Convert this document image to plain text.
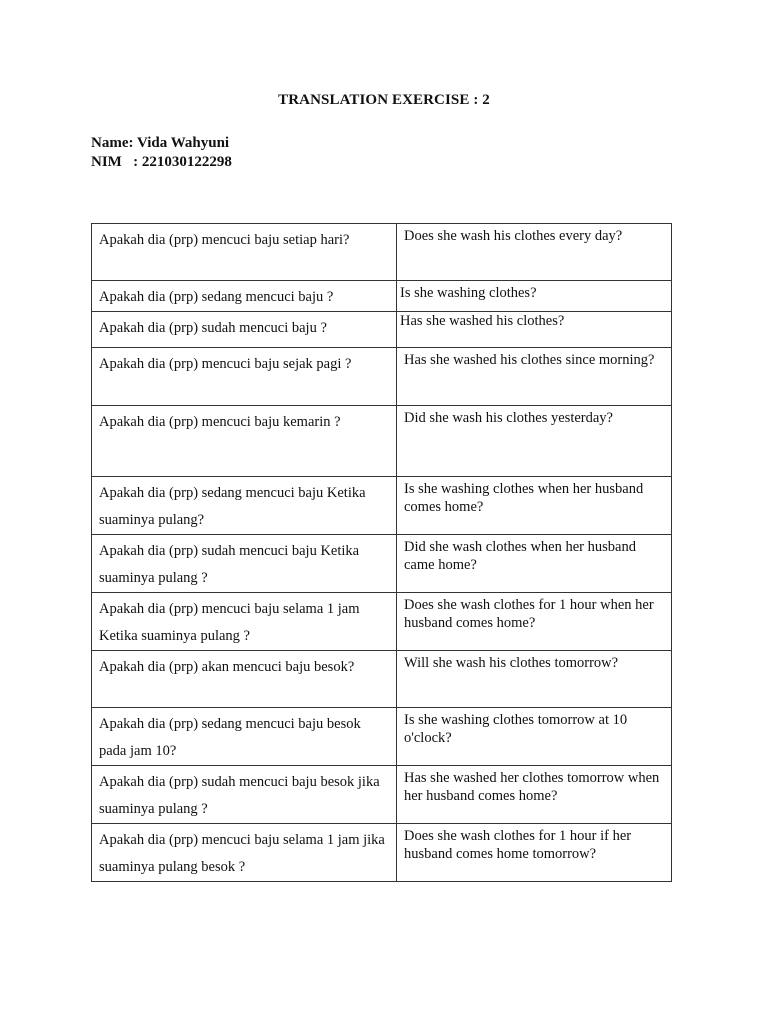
TRANSLATION EXERCISE : 2
Name: Vida Wahyuni
NIM   : 221030122298
Apakah dia (prp) mencuci baju setiap hari?	Does she wash his clothes every day?
Apakah dia (prp) sedang mencuci baju ?	Is she washing clothes?
Apakah dia (prp) sudah mencuci baju ?	Has she washed his clothes?
Apakah dia (prp) mencuci baju sejak pagi ?	Has she washed his clothes since morning?
Apakah dia (prp) mencuci baju kemarin ?	Did she wash his clothes yesterday?
Apakah dia (prp) sedang mencuci baju Ketika suaminya pulang?	Is she washing clothes when her husband comes home?
Apakah dia (prp) sudah mencuci baju Ketika suaminya pulang ?	Did she wash clothes when her husband came home?
Apakah dia (prp) mencuci baju selama 1 jam Ketika suaminya pulang ?	Does she wash clothes for 1 hour when her husband comes home?
Apakah dia (prp) akan mencuci baju besok?	Will she wash his clothes tomorrow?
Apakah dia (prp) sedang mencuci baju besok pada jam 10?	Is she washing clothes tomorrow at 10 o'clock?
Apakah dia (prp) sudah mencuci baju besok jika suaminya pulang ?	Has she washed her clothes tomorrow when her husband comes home?
Apakah dia (prp) mencuci baju selama 1 jam jika suaminya pulang besok ?	Does she wash clothes for 1 hour if her husband comes home tomorrow?
